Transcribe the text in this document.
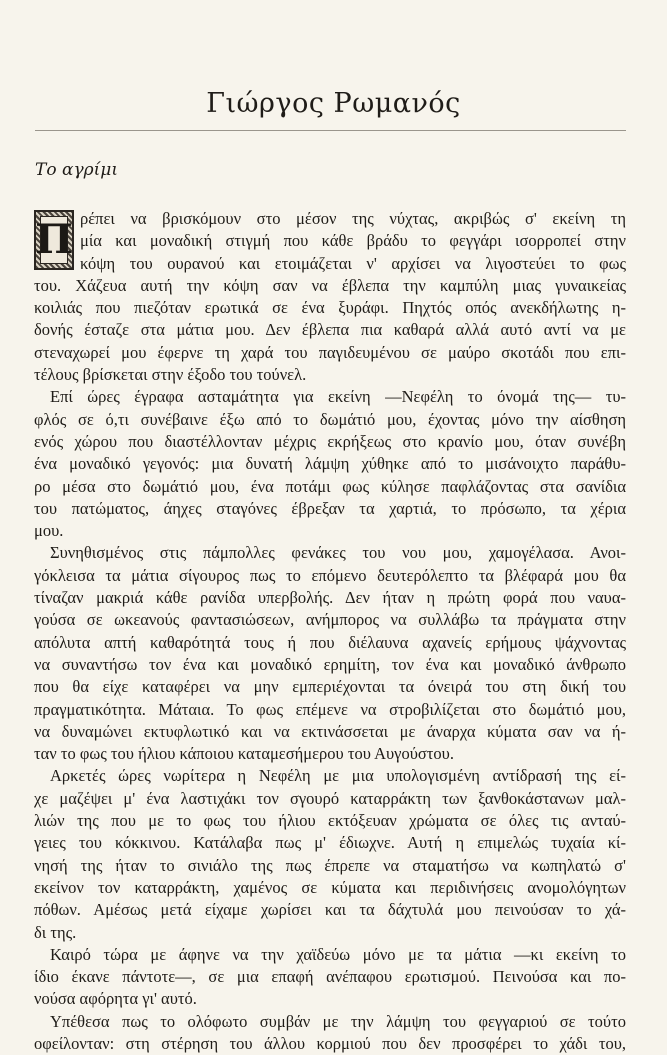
Γιώργος Ρωμανός
Το αγρίμι
Π ρέπει να βρισκόμουν στο μέσον της νύχτας, ακριβώς σ' εκείνη τη
μία και μοναδική στιγμή που κάθε βράδυ το φεγγάρι ισορροπεί στην
κόψη του ουρανού και ετοιμάζεται ν' αρχίσει να λιγοστεύει το φως
του. Χάζευα αυτή την κόψη σαν να έβλεπα την καμπύλη μιας γυναικείας
κοιλιάς που πιεζόταν ερωτικά σε ένα ξυράφι. Πηχτός οπός ανεκδήλωτης η-
δονής έσταζε στα μάτια μου. Δεν έβλεπα πια καθαρά αλλά αυτό αντί να με
στεναχωρεί μου έφερνε τη χαρά του παγιδευμένου σε μαύρο σκοτάδι που επι-
τέλους βρίσκεται στην έξοδο του τούνελ.
Επί ώρες έγραφα ασταμάτητα για εκείνη —Νεφέλη το όνομά της— τυ-
φλός σε ό,τι συνέβαινε έξω από το δωμάτιό μου, έχοντας μόνο την αίσθηση
ενός χώρου που διαστέλλονταν μέχρις εκρήξεως στο κρανίο μου, όταν συνέβη
ένα μοναδικό γεγονός: μια δυνατή λάμψη χύθηκε από το μισάνοιχτο παράθυ-
ρο μέσα στο δωμάτιό μου, ένα ποτάμι φως κύλησε παφλάζοντας στα σανίδια
του πατώματος, άηχες σταγόνες έβρεξαν τα χαρτιά, το πρόσωπο, τα χέρια
μου.
Συνηθισμένος στις πάμπολλες φενάκες του νου μου, χαμογέλασα. Ανοι-
γόκλεισα τα μάτια σίγουρος πως το επόμενο δευτερόλεπτο τα βλέφαρά μου θα
τίναζαν μακριά κάθε ρανίδα υπερβολής. Δεν ήταν η πρώτη φορά που ναυα-
γούσα σε ωκεανούς φαντασιώσεων, ανήμπορος να συλλάβω τα πράγματα στην
απόλυτα απτή καθαρότητά τους ή που διέλαυνα αχανείς ερήμους ψάχνοντας
να συναντήσω τον ένα και μοναδικό ερημίτη, τον ένα και μοναδικό άνθρωπο
που θα είχε καταφέρει να μην εμπεριέχονται τα όνειρά του στη δική του
πραγματικότητα. Μάταια. Το φως επέμενε να στροβιλίζεται στο δωμάτιό μου,
να δυναμώνει εκτυφλωτικό και να εκτινάσσεται με άναρχα κύματα σαν να ή-
ταν το φως του ήλιου κάποιου καταμεσήμερου του Αυγούστου.
Αρκετές ώρες νωρίτερα η Νεφέλη με μια υπολογισμένη αντίδρασή της εί-
χε μαζέψει μ' ένα λαστιχάκι τον σγουρό καταρράκτη των ξανθοκάστανων μαλ-
λιών της που με το φως του ήλιου εκτόξευαν χρώματα σε όλες τις ανταύ-
γειες του κόκκινου. Κατάλαβα πως μ' έδιωχνε. Αυτή η επιμελώς τυχαία κί-
νησή της ήταν το σινιάλο της πως έπρεπε να σταματήσω να κωπηλατώ σ'
εκείνον τον καταρράκτη, χαμένος σε κύματα και περιδινήσεις ανομολόγητων
πόθων. Αμέσως μετά είχαμε χωρίσει και τα δάχτυλά μου πεινούσαν το χά-
δι της.
Καιρό τώρα με άφηνε να την χαϊδεύω μόνο με τα μάτια —κι εκείνη το
ίδιο έκανε πάντοτε—, σε μια επαφή ανέπαφου ερωτισμού. Πεινούσα και πο-
νούσα αφόρητα γι' αυτό.
Υπέθεσα πως το ολόφωτο συμβάν με την λάμψη του φεγγαριού σε τούτο
οφείλονταν: στη στέρηση του άλλου κορμιού που δεν προσφέρει το χάδι του,
